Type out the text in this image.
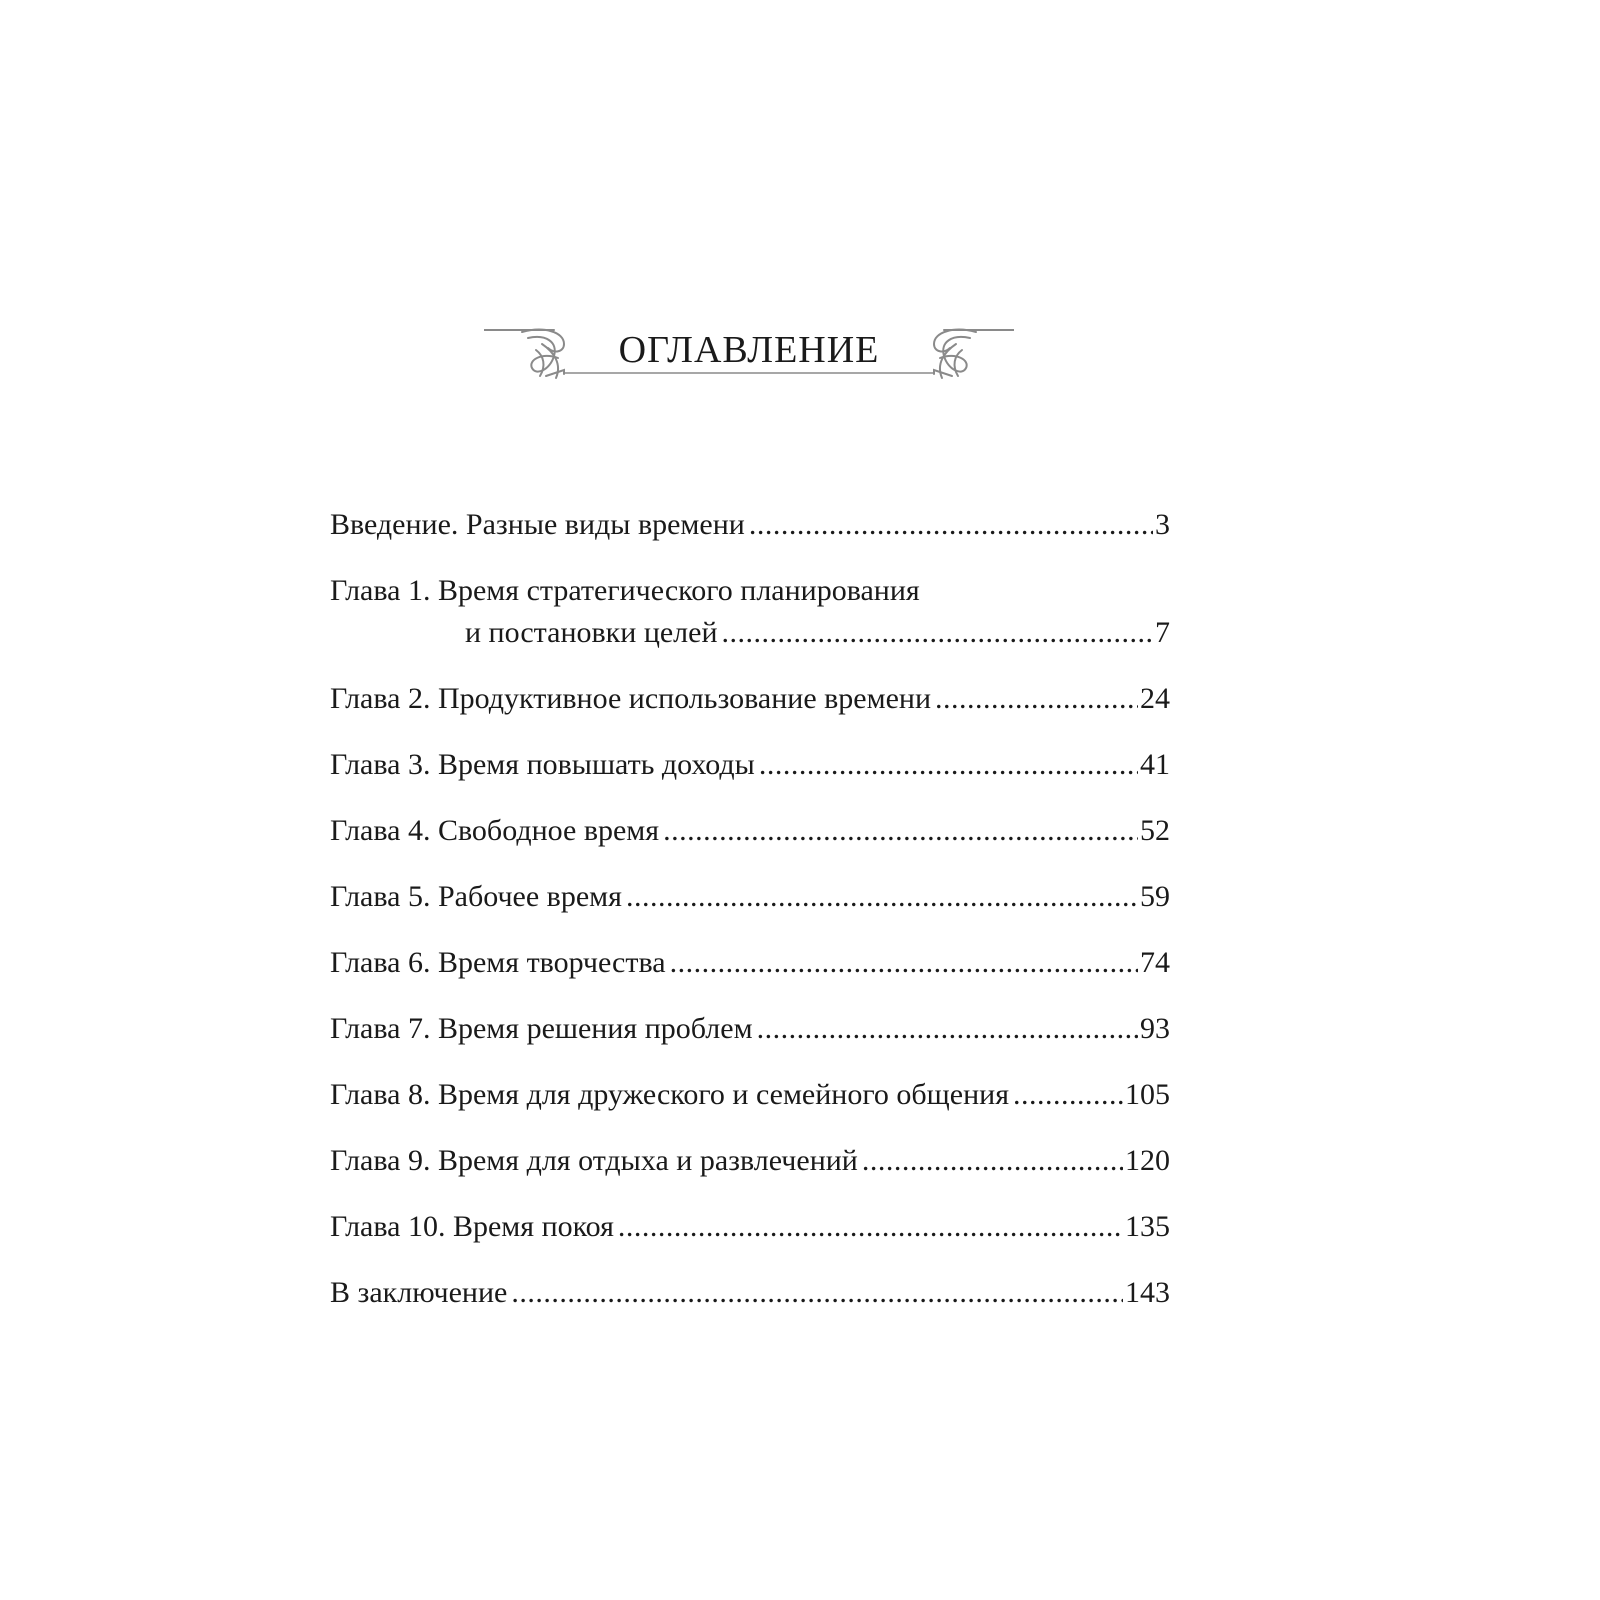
ОГЛАВЛЕНИЕ
Введение. Разные виды времени .....	3
Глава 1. Время стратегического планирования
и постановки целей .....	7
Глава 2. Продуктивное использование времени .....	24
Глава 3. Время повышать доходы .....	41
Глава 4. Свободное время .....	52
Глава 5. Рабочее время .....	59
Глава 6. Время творчества .....	74
Глава 7. Время решения проблем .....	93
Глава 8. Время для дружеского и семейного общения .....	105
Глава 9. Время для отдыха и развлечений .....	120
Глава 10. Время покоя .....	135
В заключение .....	143
